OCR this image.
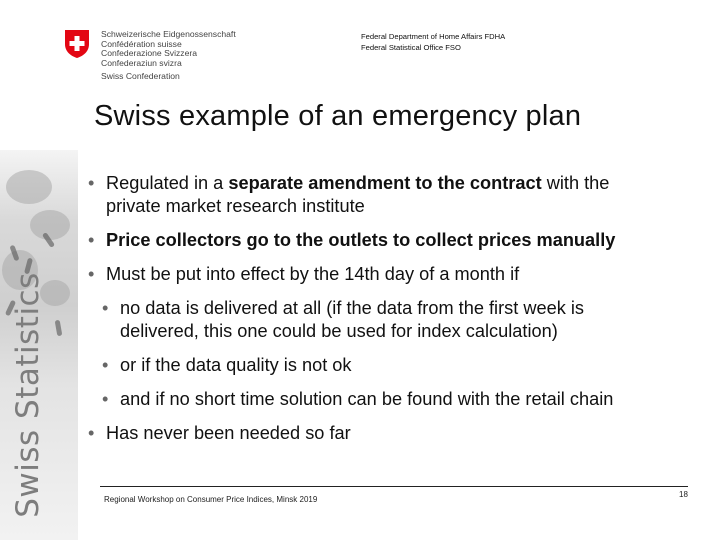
Swiss Statistics
Schweizerische Eidgenossenschaft
Confédération suisse
Confederazione Svizzera
Confederaziun svizra
Swiss Confederation
Federal Department of Home Affairs FDHA
Federal Statistical Office FSO
Swiss example of an emergency plan
• Regulated in a separate amendment to the contract with the
private market research institute
• Price collectors go to the outlets to collect prices manually
• Must be put into effect by the 14th day of a month if
• no data is delivered at all (if the data from the first week is
delivered, this one could be used for index calculation)
• or if the data quality is not ok
• and if no short time solution can be found with the retail chain
• Has never been needed so far
Regional Workshop on Consumer Price Indices, Minsk 2019
18
